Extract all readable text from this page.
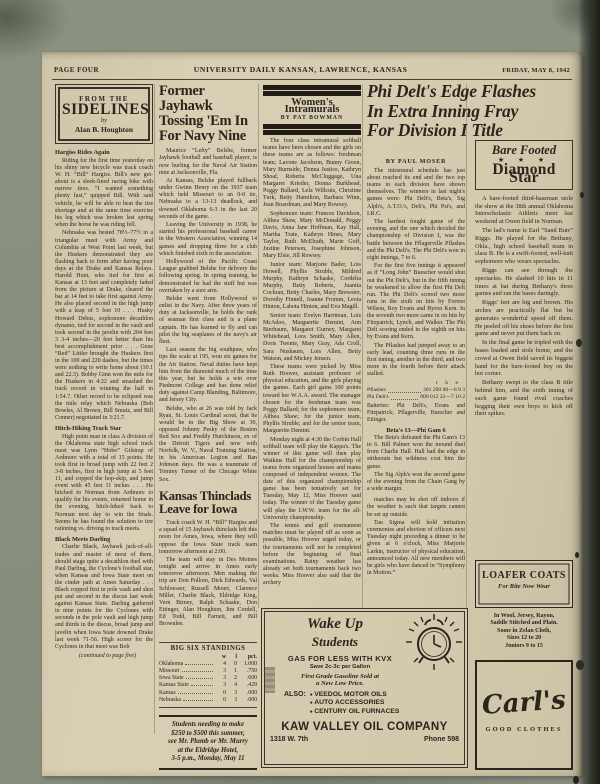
PAGE FOUR	UNIVERSITY DAILY KANSAN, LAWRENCE, KANSAS	FRIDAY, MAY 8, 1942
FROM THE
SIDELINES
by
Alan B. Houghton
Hargiss Rides Again

Riding for the first time yesterday on his shiny new bicycle was track coach W. H. “Bill” Hargiss. Bill's new get-about is a sleek-lined racing bike with narrow tires. “I wanted something plenty fast,” quipped Bill. With said vehicle, he will be able to beat the tire shortage and at the same time exercise his leg which was broken last spring when the horse he was riding fell.

Nebraska was bested 78½–77½ in a triangular meet with Army and Columbia at West Point last week, but the Huskers demonstrated they are flashing back to form after having poor days at the Drake and Kansas Relays. Harold Hunt, who tied for first at Kansas at 13 feet and completely faded from the picture at Drake, cleared the bar at 14 feet to take first against Army. He also placed second in the high jump with a leap of 5 feet 10 . . . Husky Howard Debus, sophomore decathlon dynamo, tied for second in the vault and took second in the javelin with 204 feet 3 3-4 inches—20 feet better than his best accomplishment prior . . . Gene “Red” Littler brought the Huskers first in the 100 and 220 dashes, but the times were nothing to write home about (10.1 and 22.3). Bobby Ginn won the mile for the Huskers in 4:22 and smashed the track record in winning the half in 1:54.7. Other record to be eclipsed was the mile relay which Nebraska (Bob Bowles, Al Brown, Bill Smutz, and Bill Conner) negotiated in 3:21.7.

Hitch-Hiking Track Star

High point man in class A division of the Oklahoma state high school track meet was Lynn “Hobo” Gilstrap of Ardmore with a total of 15 points. He took first in broad jump with 22 feet 2 3-8 inches, first in high jump at 5 feet 11, and copped the hop-skip, and jump event with 45 feet 11 inches . . . He hitched to Norman from Ardmore to qualify for his events, returned home in the evening, hitch-hiked back to Norman next day to win the finals. Seems he has found the solution to tire rationing vs. driving to track meets.

Black Meets Darling

Charlie Black, Jayhawk jack-of-all-trades and master of most of them, should stage quite a decathlon duel with Paul Darling, the Cyclone's football star, when Kansas and Iowa State meet on the cinder path at Ames Saturday . . . Black copped first in pole vault and shot put and second in the discus last week against Kansas State. Darling gathered in nine points for the Cyclones with seconds in the pole vault and high jump and thirds in the discus, broad jump and javelin when Iowa State downed Drake last week 71-56. High scorer for the Cyclones in that meet was Bob

(continued to page five)

Former Jayhawk
Tossing 'Em In
For Navy Nine

Maurice “Lefty” Belshe, former Jayhawk football and baseball player, is now hurling for the Naval Air Station nine at Jacksonville, Fla.

At Kansas, Belshe played fullback under Gwinn Henry on the 1937 team which held Missouri to an 0-0 tie, Nebraska to a 13-13 deadlock, and downed Oklahoma 6-3 in the last 20 seconds of the game.

Leaving the University in 1938, he started his professional baseball career in the Western Association, winning 14 games and dropping three for a club which finished sixth in the association.

Hollywood of the Pacific Coast League grabbed Belshe for delivery the following spring. In spring training, he demonstrated he had the stuff but was overtaken by a sore arm.

Belshe went from Hollywood to enlist in the Navy. After three years of duty at Jacksonville, he holds the rank of seaman first class and is a plane captain. He has learned to fly and can pilot the big seaplanes of the navy's air fleet.

Last season the big southpaw, who tips the scale at 195, won six games for the Air Station. Naval duties have kept him from the diamond much of the time this year, but he holds a win over Piedmont College and has done relief duty against Camp Blanding, Baltimore, and Jersey City.

Belshe, who at 26 was told by Jack Ryan, St. Louis Cardinal scout, that he would be in the Big Show at 30, opposed Johnny Pesky of the Boston Red Sox and Freddy Hutchinson, ex of the Detroit Tigers and now with Norfolk, W. V., Naval Training Station, in his American Legion and Ban Johnson days. He was a teammate of Tommy Turner of the Chicago White Sox.

Kansas Thinclads
Leave for Iowa

Track coach W. H. “Bill” Hargiss and a squad of 15 Jayhawk thinclads left this noon for Ames, Iowa, where they will oppose the Iowa State track team tomorrow afternoon at 2:00.

The team will stay in Des Moines tonight and arrive in Ames early tomorrow afternoon. Men making the trip are Don Pollom, Dick Edwards, Val Schloesser, Russell Mouri, Clarence Miller, Charlie Black, Eldridge King, Vern Birney, Ralph Schaake, Don Ettinger, Alan Houghton, Jim Cordell, Ed Todd, Bill Farneti, and Bill Brownlee.

BIG SIX STANDINGS
w	l	pct.
Oklahoma	4	0	1.000
Missouri	3	1	.750
Iowa State	3	2	.600
Kansas State	3	4	.429
Kansas	0	3	.000
Nebraska	0	3	.000

Students needing to make

$250 to $500 this summer,

see Mr. Plumb or Mr. Murry

at the Eldridge Hotel,

3-5 p.m., Monday, May 11

Women's Intramurals
BY PAT BOWMAN

The four class intramural softball teams have been chosen and the girls on these teams are as follows: freshman team; Lavone Jacobson, Bunny Green, Mary Burnside, Donna Justice, Kathryn Shoaf, Roberta McCluggage, Una Margaret Krieder, Donna Burkhead, Peggy Ballard, Lela Willcuts, Christine Turk, Betty Hamilton, Barbara Winn, Jean Boardman, and Mary Rowsey.

Sophomore team: Frances Davidson, Althea Shaw, Mary McDonald, Peggy Davis, Anna Jane Hoffman, Kay Hall, Martha Trate, Kathryn Hines, Mary Taylor, Ruth McElrath, Marie Goff, Justine Peterson, Josephine Johnson, Mary Elsie, Jill Rowsey.

Junior team: Marjorie Bader, Lois Howell, Phyllis Struble, Mildred Murphy, Kathryn Schaake, Cordelia Murphy, Betty Roberts, Juanita Cochran, Betty Charles, Mary Brewster, Dorothy Finnell, Joanne Fromm, Leota Hinton, Lahota Hinton, and Eva Magill.

Senior team: Evelyn Harriman, Lois McAdoo, Marguerite Demint, Ann Bierbaum, Margaret Gurney, Margaret Whitehead, Lora Smith, Mary Allen, Doris Twente, Mary Gray, Ada Croll, Sara Nusbaum, Lois Allen, Betty Watson, and Mickey Jensen.

These teams were picked by Miss Ruth Hoover, assistant professor of physical education, and the girls playing the games. Each girl gains 100 points toward her W.A.A. award. The manager chosen for the freshman team was Peggy Ballard; for the sophomore team, Althea Shaw; for the junior team, Phyllis Struble; and for the senior team, Marguerite Demint.

Monday night at 4:30 the Corbin Hall softball team will play the Kappa's. The winner of this game will then play Watkins Hall for the championship of teams from organized houses and teams composed of independent women. The date of this organized championship game has been tentatively set for Tuesday, May 12, Miss Hoover said today. The winner of the Tuesday game will play the I.W.W. team for the all-University championship.

The tennis and golf tournament matches must be played off as soon as possible, Miss Hoover urged today, or the tournaments will not be completed before the beginning of final examinations. Rainy weather has already set both tournaments back two weeks. Miss Hoover also said that the archery

Phi Delt's Edge Flashes
In Extra Inning Fray
For Division I Title
BY PAUL MOSER

The intramural schedule has just about reached its end and the two top teams in each division have shown themselves. The winners in last night's games were: Phi Delt's, Beta's, Sig Alph's, A.T.O.'s, Delt's, Phi Psi's, and I.R.C.

The hardest fought game of the evening, and the one which decided the championship of Division I, was the battle between the Pflagerville Pflashes and the Phi Delt's. The Phi Delt's won in eight innings, 7 to 6.

For the first five innings it appeared as if “Long John” Buescher would shut out the Phi Delt's, but in the fifth inning he weakened to allow the first Phi Delt run. The Phi Delt's scored two more runs in the sixth on hits by Forrest Wilson, Roy Evans and Byron Kern. In the seventh two more came in on hits by Fitzpatrick, Lynch, and Walker. The Phi Delt scoring ended in the eighth on hits by Evans and Kern.

The Pflashes had jumped away to an early lead, counting three runs in the first inning, another in the third, and two more in the fourth before their attack stalled.

r h e
Pflashes	301 200 00—6 9 3
Phi Delt's	000 012 22—7 10 2
Batteries: Phi Delt's, Evans and Fitzpatrick; Pflagerville, Buescher and Ettinger.
Beta's 13—Phi Gam 6

The Beta's defeated the Phi Gam's 13 to 6. Bill Palmer won the mound duel from Charlie Hall. Hall had the edge in strikeouts but wildness cost him the game.

The Sig Alph's won the second game of the evening from the Chain Gang by a wide margin.

matches may be shot off indoors if the weather is such that targets cannot be set up outside.

Tau Sigma will hold initiation ceremonies and election of officers next Tuesday night preceding a dinner to be given at 6 o'clock, Miss Marjorie Larkin, instructor of physical education, announced today. All new members will be girls who have danced in “Symphony in Motion.”

Bare Footed
★ ★ ★
Diamond Star

A bare-footed third-baseman stole the show at the 38th annual Oklahoma Interscholastic Athletic meet last weekend at Owen field in Norman.

The lad's name is Earl “Sand Burr” Riggs. He played for the Bethany, Okla., high school baseball team in class B. He is a swift-footed, well-knit sophomore who wears spectacles.

Riggs can see through the spectacles. He slashed 10 hits in 11 times at bat during Bethany's three games and ran the bases daringly.

Riggs' feet are big and brown. His arches are practically flat but he generates wonderful speed off them. He peeled off his shoes before the first game and never put them back on.

In the final game he tripled with the bases loaded and stole home, and the crowd at Owen field saved its biggest hand for the bare-footed boy on the hot corner.

Bethany swept to the class B title behind him, and the sixth inning of each game found rival coaches begging their own boys to kick off their spikes.

LOAFER COATS
For Rite Now Wear

In Wool, Jersey, Rayon,

Saddle Stitched and Plain.

Some in Zelan Cloth,

Sizes 12 to 20

Juniors 9 to 15

Carl's
GOOD CLOTHES
Wake Up
Students
GAS FOR LESS WITH KVX
Save 2c-3c per Gallon
First Grade Gasoline Sold at
a New Low Price.
ALSO:	● VEEDOL MOTOR OILS

● AUTO ACCESSORIES

● CENTURY OIL FURNACES

KAW VALLEY OIL COMPANY
1318 W. 7th	Phone 598
